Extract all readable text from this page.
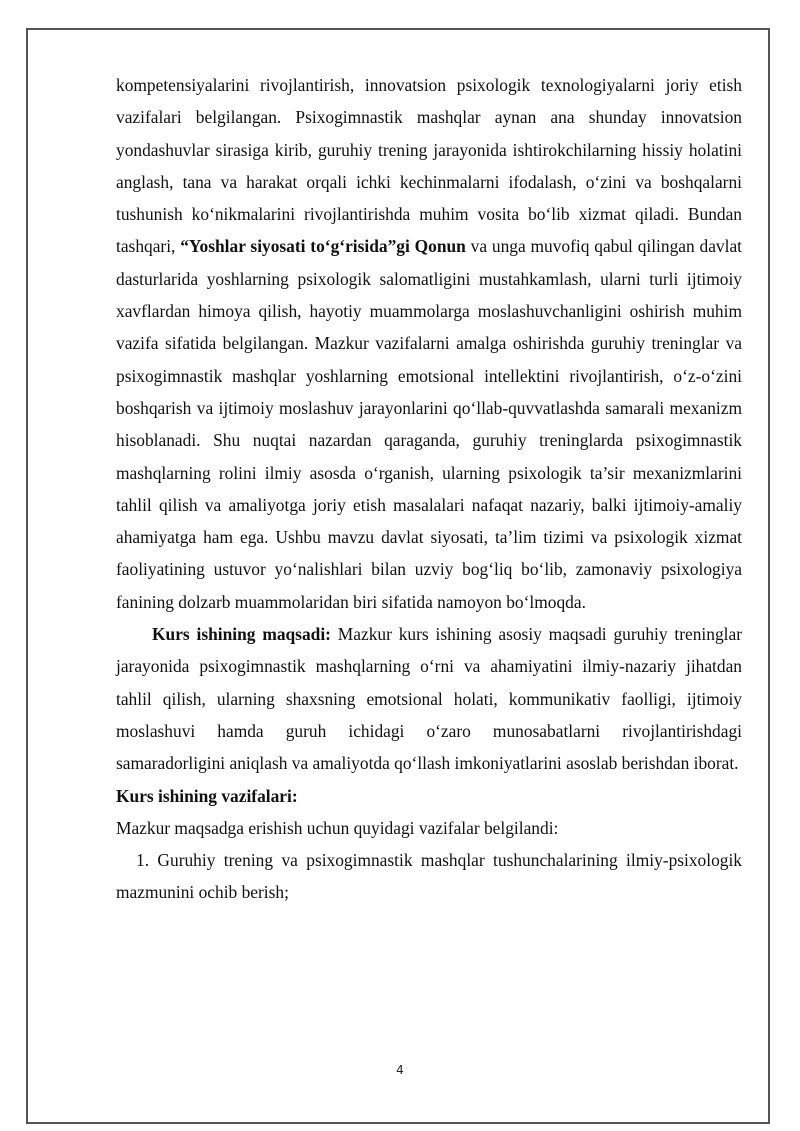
kompetensiyalarini rivojlantirish, innovatsion psixologik texnologiyalarni joriy etish vazifalari belgilangan. Psixogimnastik mashqlar aynan ana shunday innovatsion yondashuvlar sirasiga kirib, guruhiy trening jarayonida ishtirokchilarning hissiy holatini anglash, tana va harakat orqali ichki kechinmalarni ifodalash, o‘zini va boshqalarni tushunish ko‘nikmalarini rivojlantirishda muhim vosita bo‘lib xizmat qiladi. Bundan tashqari, “Yoshlar siyosati to‘g‘risida”gi Qonun va unga muvofiq qabul qilingan davlat dasturlarida yoshlarning psixologik salomatligini mustahkamlash, ularni turli ijtimoiy xavflardan himoya qilish, hayotiy muammolarga moslashuvchanligini oshirish muhim vazifa sifatida belgilangan. Mazkur vazifalarni amalga oshirishda guruhiy treninglar va psixogimnastik mashqlar yoshlarning emotsional intellektini rivojlantirish, o‘z-o‘zini boshqarish va ijtimoiy moslashuv jarayonlarini qo‘llab-quvvatlashda samarali mexanizm hisoblanadi. Shu nuqtai nazardan qaraganda, guruhiy treninglarda psixogimnastik mashqlarning rolini ilmiy asosda o‘rganish, ularning psixologik ta’sir mexanizmlarini tahlil qilish va amaliyotga joriy etish masalalari nafaqat nazariy, balki ijtimoiy-amaliy ahamiyatga ham ega. Ushbu mavzu davlat siyosati, ta’lim tizimi va psixologik xizmat faoliyatining ustuvor yo‘nalishlari bilan uzviy bog‘liq bo‘lib, zamonaviy psixologiya fanining dolzarb muammolaridan biri sifatida namoyon bo‘lmoqda.

Kurs ishining maqsadi: Mazkur kurs ishining asosiy maqsadi guruhiy treninglar jarayonida psixogimnastik mashqlarning o‘rni va ahamiyatini ilmiy-nazariy jihatdan tahlil qilish, ularning shaxsning emotsional holati, kommunikativ faolligi, ijtimoiy moslashuvi hamda guruh ichidagi o‘zaro munosabatlarni rivojlantirishdagi samaradorligini aniqlash va amaliyotda qo‘llash imkoniyatlarini asoslab berishdan iborat.

Kurs ishining vazifalari:

Mazkur maqsadga erishish uchun quyidagi vazifalar belgilandi:

1. Guruhiy trening va psixogimnastik mashqlar tushunchalarining ilmiy-psixologik mazmunini ochib berish;

4
